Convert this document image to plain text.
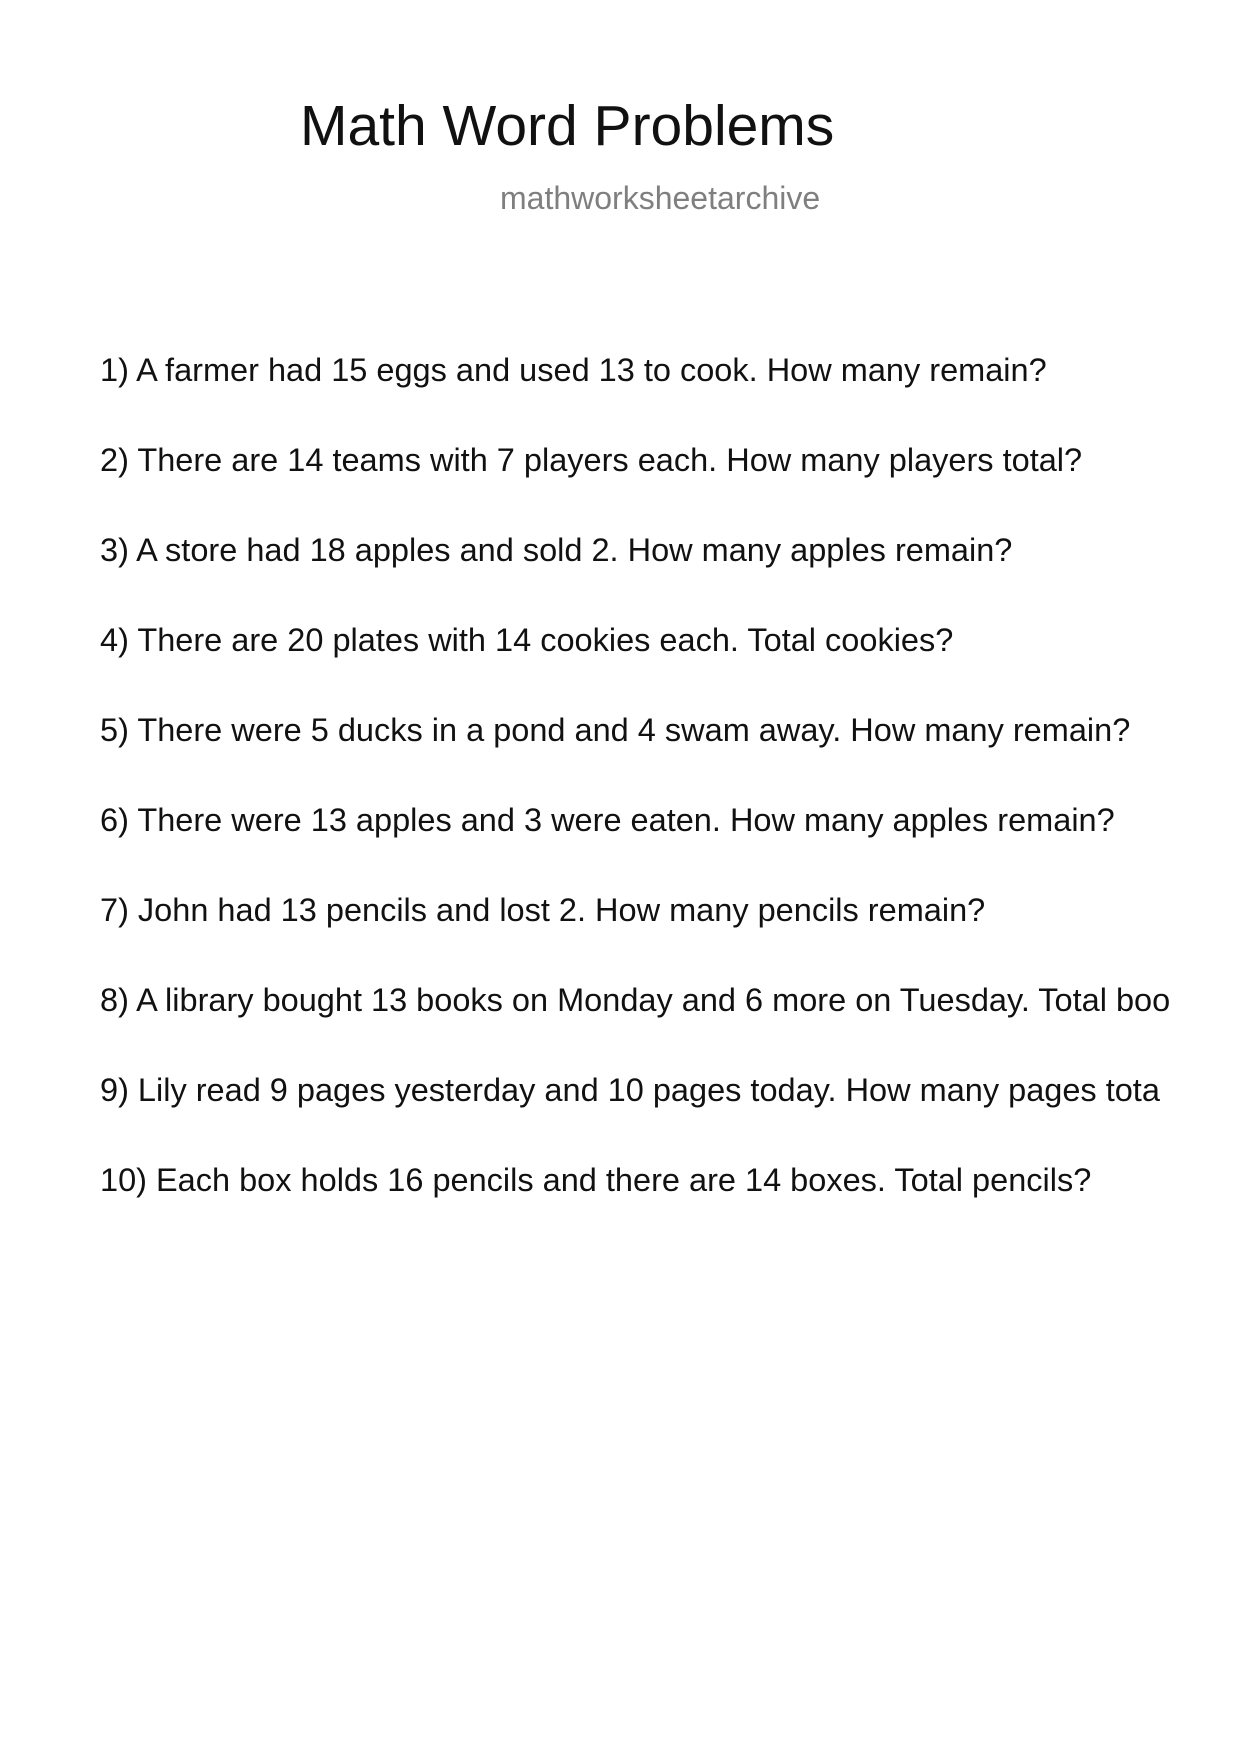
Math Word Problems
mathworksheetarchive
1) A farmer had 15 eggs and used 13 to cook. How many remain?
2) There are 14 teams with 7 players each. How many players total?
3) A store had 18 apples and sold 2. How many apples remain?
4) There are 20 plates with 14 cookies each. Total cookies?
5) There were 5 ducks in a pond and 4 swam away. How many remain?
6) There were 13 apples and 3 were eaten. How many apples remain?
7) John had 13 pencils and lost 2. How many pencils remain?
8) A library bought 13 books on Monday and 6 more on Tuesday. Total boo
9) Lily read 9 pages yesterday and 10 pages today. How many pages tota
10) Each box holds 16 pencils and there are 14 boxes. Total pencils?
